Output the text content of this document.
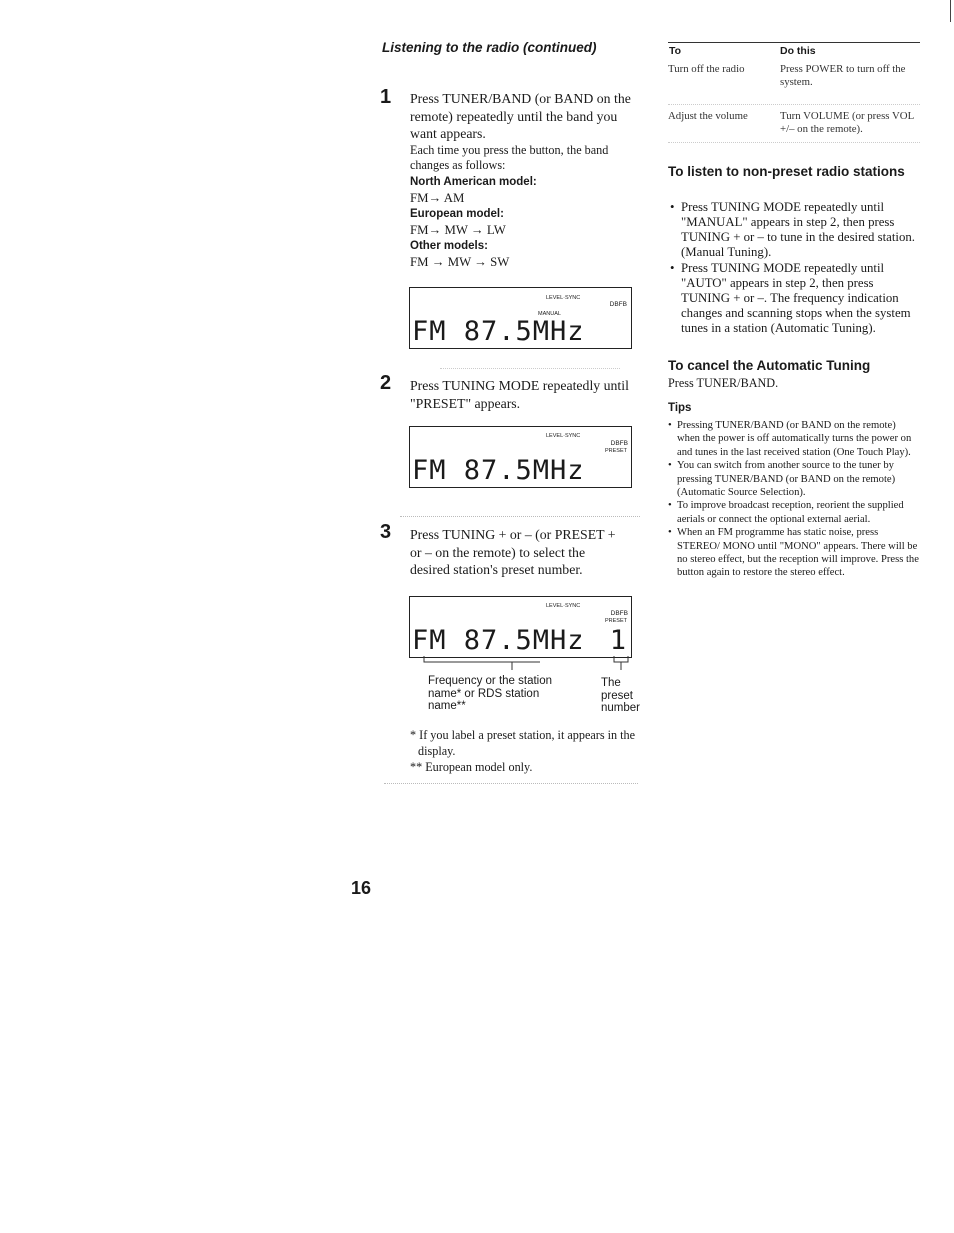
Listening to the radio (continued)
1 Press TUNER/BAND (or BAND on the remote) repeatedly until the band you want appears.
Each time you press the button, the band changes as follows:
North American model:
FM→ AM
European model:
FM→ MW → LW
Other models:
FM → MW → SW
LEVEL·SYNC
DBFB
MANUAL
FM 87.5MHz
2 Press TUNING MODE repeatedly until "PRESET" appears.
LEVEL·SYNC
DBFB
PRESET
FM 87.5MHz
3 Press TUNING + or – (or PRESET + or – on the remote) to select the desired station's preset number.
LEVEL·SYNC
DBFB
PRESET
FM 87.5MHz 1
Frequency or the station name* or RDS station name**
The preset number
* If you label a preset station, it appears in the display.
** European model only.
To	Do this
Turn off the radio	Press POWER to turn off the system.
Adjust the volume	Turn VOLUME (or press VOL +/– on the remote).
To listen to non-preset radio stations
• Press TUNING MODE repeatedly until "MANUAL" appears in step 2, then press TUNING + or – to tune in the desired station. (Manual Tuning).
• Press TUNING MODE repeatedly until "AUTO" appears in step 2, then press TUNING + or –. The frequency indication changes and scanning stops when the system tunes in a station (Automatic Tuning).
To cancel the Automatic Tuning
Press TUNER/BAND.
Tips
• Pressing TUNER/BAND (or BAND on the remote) when the power is off automatically turns the power on and tunes in the last received station (One Touch Play).
• You can switch from another source to the tuner by pressing TUNER/BAND (or BAND on the remote) (Automatic Source Selection).
• To improve broadcast reception, reorient the supplied aerials or connect the optional external aerial.
• When an FM programme has static noise, press STEREO/ MONO until "MONO" appears. There will be no stereo effect, but the reception will improve. Press the button again to restore the stereo effect.
16
